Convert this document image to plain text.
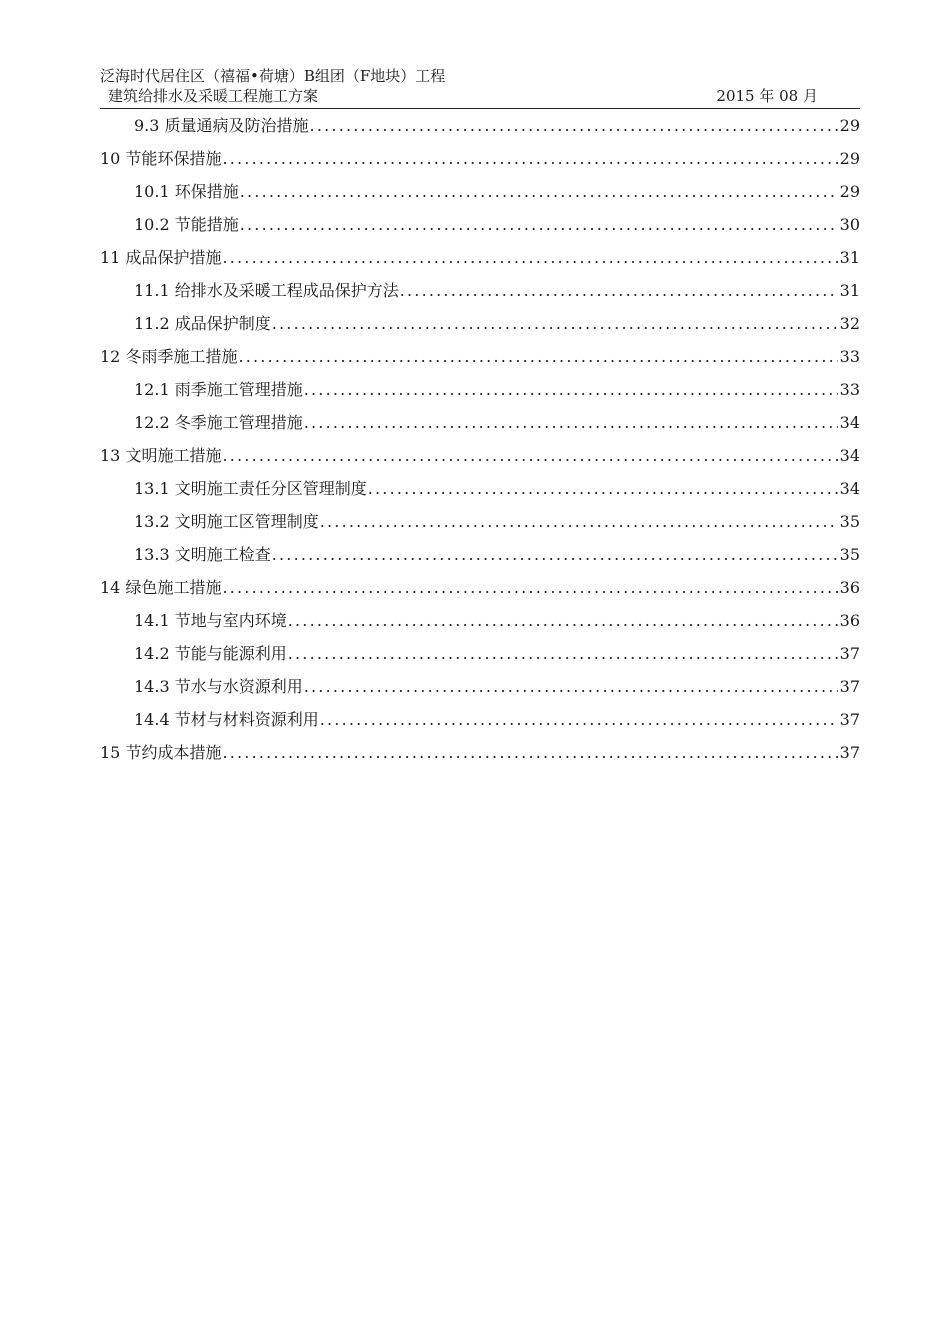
泛海时代居住区（禧福•荷塘）B组团（F地块）工程
建筑给排水及采暖工程施工方案	2015 年 08 月
9.3 质量通病及防治措施 .....	29
10 节能环保措施 .....	29
10.1 环保措施 .....	29
10.2 节能措施 .....	30
11 成品保护措施 .....	31
11.1 给排水及采暖工程成品保护方法 .....	31
11.2 成品保护制度 .....	32
12 冬雨季施工措施 .....	33
12.1 雨季施工管理措施 .....	33
12.2 冬季施工管理措施 .....	34
13 文明施工措施 .....	34
13.1 文明施工责任分区管理制度 .....	34
13.2 文明施工区管理制度 .....	35
13.3 文明施工检查 .....	35
14 绿色施工措施 .....	36
14.1 节地与室内环境 .....	36
14.2 节能与能源利用 .....	37
14.3 节水与水资源利用 .....	37
14.4 节材与材料资源利用 .....	37
15 节约成本措施 .....	37
